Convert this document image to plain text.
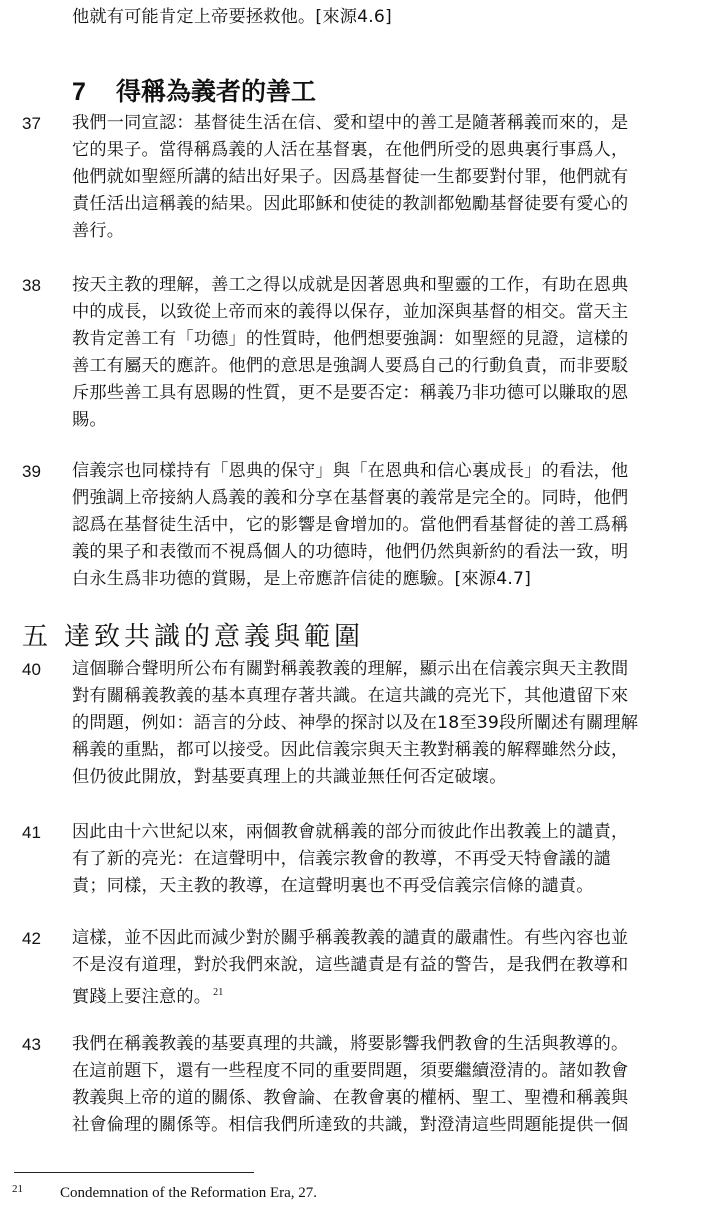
他就有可能肯定上帝要拯救他。[來源4.6]
7 得稱為義者的善工
五 達致共識的意義與範圍
37 我們一同宣認：基督徒生活在信、愛和望中的善工是隨著稱義而來的，是
它的果子。當得稱爲義的人活在基督裏，在他們所受的恩典裏行事爲人，
他們就如聖經所講的結出好果子。因爲基督徒一生都要對付罪，他們就有
責任活出這稱義的結果。因此耶穌和使徒的教訓都勉勵基督徒要有愛心的
善行。
38 按天主教的理解，善工之得以成就是因著恩典和聖靈的工作，有助在恩典
中的成長，以致從上帝而來的義得以保存，並加深與基督的相交。當天主
教肯定善工有「功德」的性質時，他們想要強調：如聖經的見證，這樣的
善工有屬天的應許。他們的意思是強調人要爲自己的行動負責，而非要駁
斥那些善工具有恩賜的性質，更不是要否定：稱義乃非功德可以賺取的恩
賜。
39 信義宗也同樣持有「恩典的保守」與「在恩典和信心裏成長」的看法，他
們強調上帝接納人爲義的義和分享在基督裏的義常是完全的。同時，他們
認爲在基督徒生活中，它的影響是會增加的。當他們看基督徒的善工爲稱
義的果子和表徵而不視爲個人的功德時，他們仍然與新約的看法一致，明
白永生爲非功德的賞賜，是上帝應許信徒的應驗。[來源4.7]
40 這個聯合聲明所公布有關對稱義教義的理解，顯示出在信義宗與天主教間
對有關稱義教義的基本真理存著共識。在這共識的亮光下，其他遺留下來
的問題，例如：語言的分歧、神學的探討以及在18至39段所闡述有關理解
稱義的重點，都可以接受。因此信義宗與天主教對稱義的解釋雖然分歧，
但仍彼此開放，對基要真理上的共識並無任何否定破壞。
41 因此由十六世紀以來，兩個教會就稱義的部分而彼此作出教義上的譴責，
有了新的亮光：在這聲明中，信義宗教會的教導，不再受天特會議的譴
責；同樣，天主教的教導，在這聲明裏也不再受信義宗信條的譴責。
42 這樣，並不因此而減少對於關乎稱義教義的譴責的嚴肅性。有些內容也並
不是沒有道理，對於我們來說，這些譴責是有益的警告，是我們在教導和
實踐上要注意的。 $^{21}$
43 我們在稱義教義的基要真理的共識，將要影響我們教會的生活與教導的。
在這前題下，還有一些程度不同的重要問題，須要繼續澄清的。諸如教會
教義與上帝的道的關係、教會論、在教會裏的權柄、聖工、聖禮和稱義與
社會倫理的關係等。相信我們所達致的共識，對澄清這些問題能提供一個
21 Condemnation of the Reformation Era, 27.
